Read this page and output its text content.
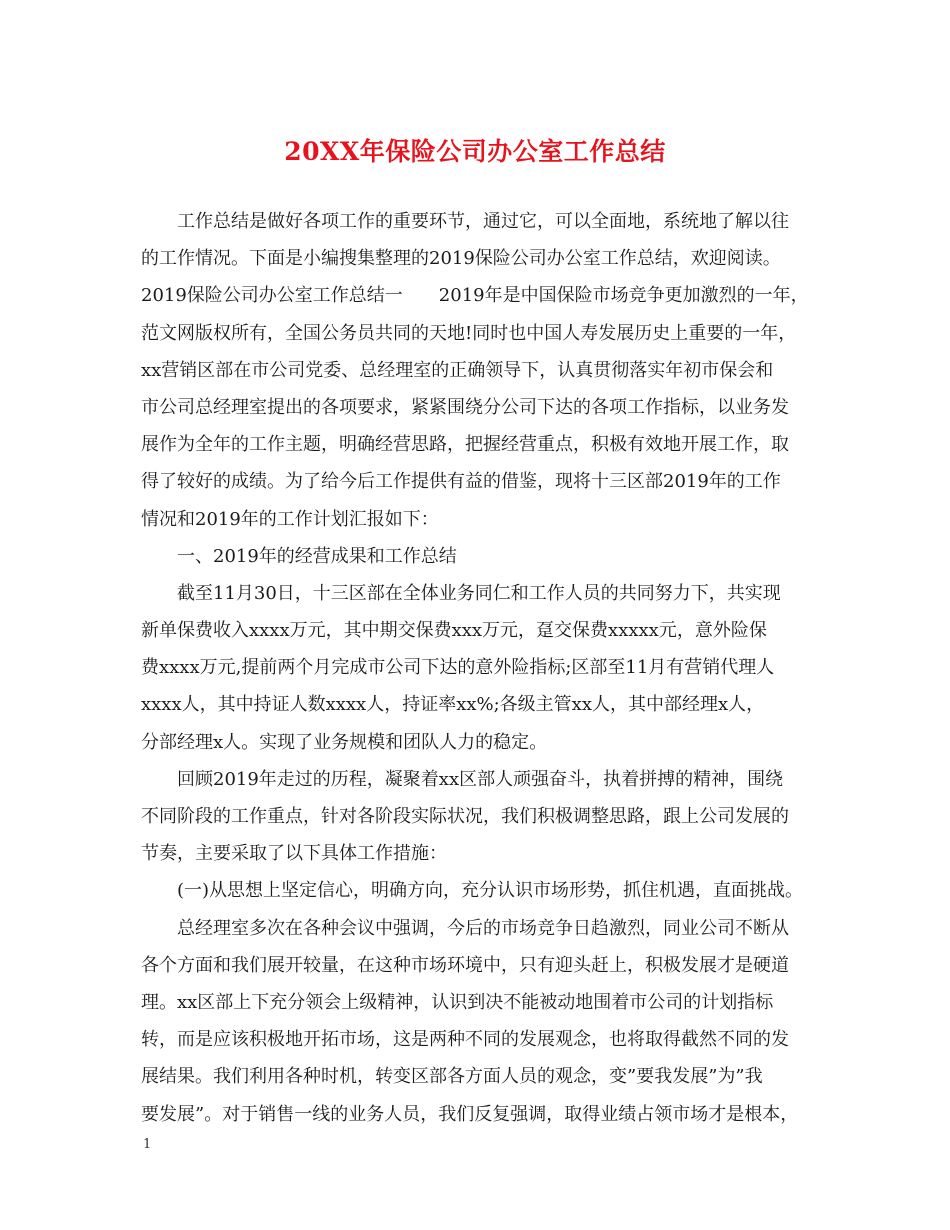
20XX年保险公司办公室工作总结
工作总结是做好各项工作的重要环节，通过它，可以全面地，系统地了解以往
的工作情况。下面是小编搜集整理的2019保险公司办公室工作总结，欢迎阅读。
2019保险公司办公室工作总结一　　2019年是中国保险市场竞争更加激烈的一年，
范文网版权所有，全国公务员共同的天地!同时也中国人寿发展历史上重要的一年，
xx营销区部在市公司党委、总经理室的正确领导下，认真贯彻落实年初市保会和
市公司总经理室提出的各项要求，紧紧围绕分公司下达的各项工作指标，以业务发
展作为全年的工作主题，明确经营思路，把握经营重点，积极有效地开展工作，取
得了较好的成绩。为了给今后工作提供有益的借鉴，现将十三区部2019年的工作
情况和2019年的工作计划汇报如下：
一、2019年的经营成果和工作总结
截至11月30日，十三区部在全体业务同仁和工作人员的共同努力下，共实现
新单保费收入xxxx万元，其中期交保费xxx万元，趸交保费xxxxx元，意外险保
费xxxx万元,提前两个月完成市公司下达的意外险指标;区部至11月有营销代理人
xxxx人，其中持证人数xxxx人，持证率xx%;各级主管xx人，其中部经理x人，
分部经理x人。实现了业务规模和团队人力的稳定。
回顾2019年走过的历程，凝聚着xx区部人顽强奋斗，执着拼搏的精神，围绕
不同阶段的工作重点，针对各阶段实际状况，我们积极调整思路，跟上公司发展的
节奏，主要采取了以下具体工作措施：
(一)从思想上坚定信心，明确方向，充分认识市场形势，抓住机遇，直面挑战。
总经理室多次在各种会议中强调，今后的市场竞争日趋激烈，同业公司不断从
各个方面和我们展开较量，在这种市场环境中，只有迎头赶上，积极发展才是硬道
理。xx区部上下充分领会上级精神，认识到决不能被动地围着市公司的计划指标
转，而是应该积极地开拓市场，这是两种不同的发展观念，也将取得截然不同的发
展结果。我们利用各种时机，转变区部各方面人员的观念，变”要我发展”为”我
要发展”。对于销售一线的业务人员，我们反复强调，取得业绩占领市场才是根本，
1
